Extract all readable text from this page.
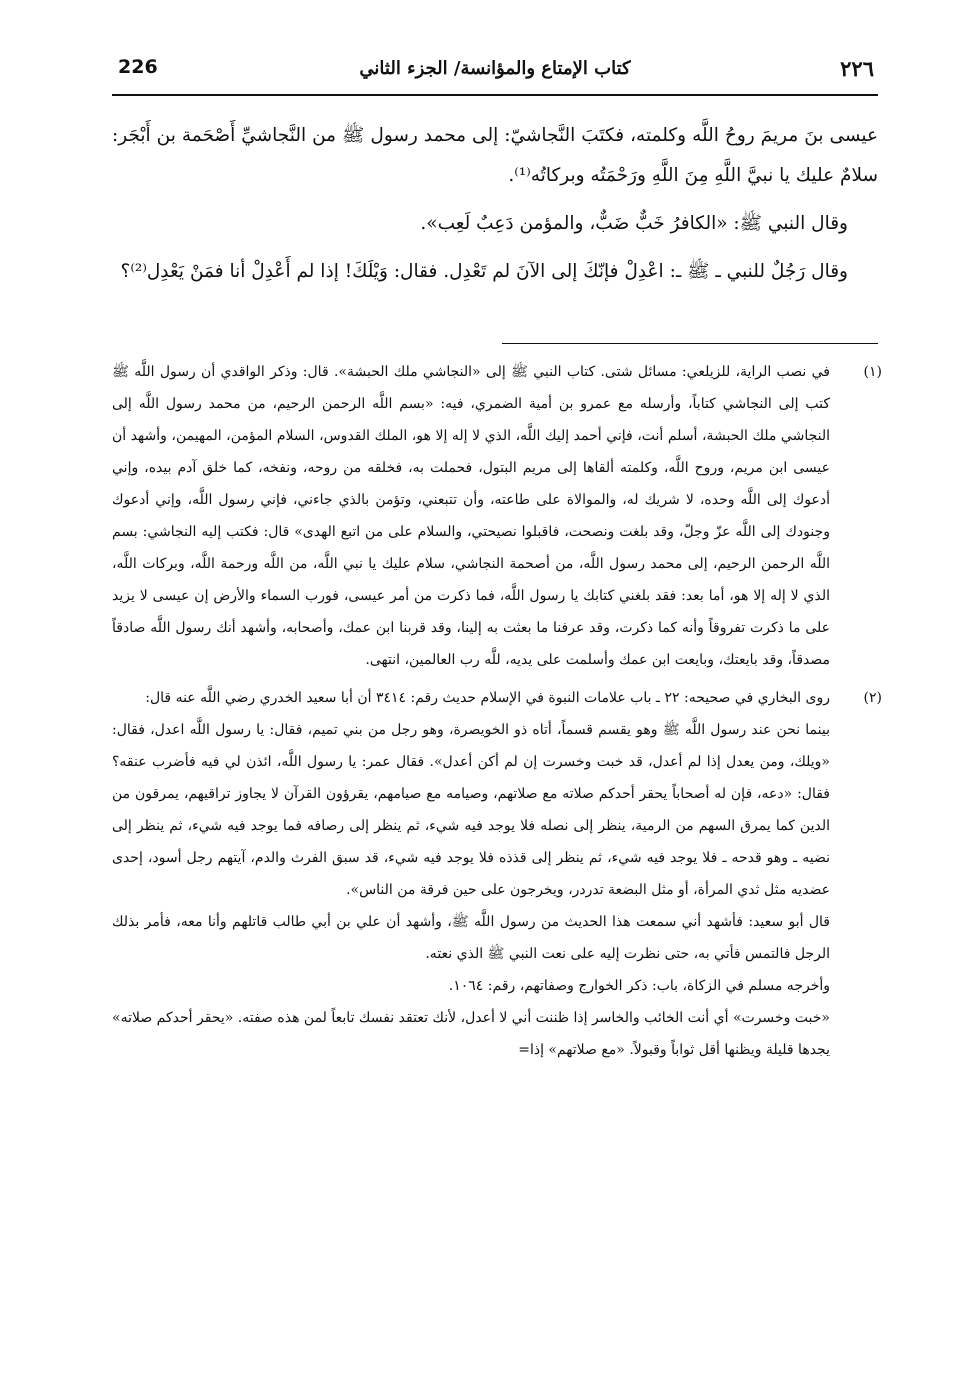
226	كتاب الإمتاع والمؤانسة/ الجزء الثاني	٢٢٦

عيسى بنَ مريمَ روحُ اللَّه وكلمته، فكتَبَ النَّجاشيّ: إلى محمد رسول ﷺ من النَّجاشيِّ أَصْحَمة بن أَبْجَر: سلامٌ عليك يا نبيَّ اللَّهِ مِنَ اللَّهِ ورَحْمَتُه وبركاتُه⁽¹⁾.

وقال النبي ﷺ: «الكافرُ خَبٌّ ضَبٌّ، والمؤمن دَعِبٌ لَعِب».

وقال رَجُلٌ للنبي ـ ﷺ ـ: اعْدِلْ فإنّكَ إلى الآنَ لم تَعْدِل. فقال: وَيْلَكَ! إذا لم أَعْدِلْ أنا فمَنْ يَعْدِل⁽²⁾؟

(١)

في نصب الراية، للزيلعي: مسائل شتى. كتاب النبي ﷺ إلى «النجاشي ملك الحبشة». قال: وذكر الواقدي أن رسول اللَّه ﷺ كتب إلى النجاشي كتاباً، وأرسله مع عمرو بن أمية الضمري، فيه: «بسم اللَّه الرحمن الرحيم، من محمد رسول اللَّه إلى النجاشي ملك الحبشة، أسلم أنت، فإني أحمد إليك اللَّه، الذي لا إله إلا هو، الملك القدوس، السلام المؤمن، المهيمن، وأشهد أن عيسى ابن مريم، وروح اللَّه، وكلمته ألقاها إلى مريم البتول، فحملت به، فخلقه من روحه، ونفخه، كما خلق آدم بيده، وإني أدعوك إلى اللَّه وحده، لا شريك له، والموالاة على طاعته، وأن تتبعني، وتؤمن بالذي جاءني، فإني رسول اللَّه، وإني أدعوك وجنودك إلى اللَّه عزّ وجلّ، وقد بلغت ونصحت، فاقبلوا نصيحتي، والسلام على من اتبع الهدى» قال: فكتب إليه النجاشي: بسم اللَّه الرحمن الرحيم، إلى محمد رسول اللَّه، من أصحمة النجاشي، سلام عليك يا نبي اللَّه، من اللَّه ورحمة اللَّه، وبركات اللَّه، الذي لا إله إلا هو، أما بعد: فقد بلغني كتابك يا رسول اللَّه، فما ذكرت من أمر عيسى، فورب السماء والأرض إن عيسى لا يزيد على ما ذكرت تفروقاً وأنه كما ذكرت، وقد عرفنا ما بعثت به إلينا، وقد قربنا ابن عمك، وأصحابه، وأشهد أنك رسول اللَّه صادقاً مصدقاً، وقد بايعتك، وبايعت ابن عمك وأسلمت على يديه، للَّه رب العالمين، انتهى.

(٢)

روى البخاري في صحيحه: ٢٢ ـ باب علامات النبوة في الإسلام حديث رقم: ٣٤١٤ أن أبا سعيد الخدري رضي اللَّه عنه قال:

بينما نحن عند رسول اللَّه ﷺ وهو يقسم قسماً، أتاه ذو الخويصرة، وهو رجل من بني تميم، فقال: يا رسول اللَّه اعدل، فقال: «ويلك، ومن يعدل إذا لم أعدل، قد خبت وخسرت إن لم أكن أعدل». فقال عمر: يا رسول اللَّه، ائذن لي فيه فأضرب عنقه؟ فقال: «دعه، فإن له أصحاباً يحقر أحدكم صلاته مع صلاتهم، وصيامه مع صيامهم، يقرؤون القرآن لا يجاوز تراقيهم، يمرقون من الدين كما يمرق السهم من الرمية، ينظر إلى نصله فلا يوجد فيه شيء، ثم ينظر إلى رصافه فما يوجد فيه شيء، ثم ينظر إلى نضيه ـ وهو قدحه ـ فلا يوجد فيه شيء، ثم ينظر إلى قذذه فلا يوجد فيه شيء، قد سبق الفرث والدم، آيتهم رجل أسود، إحدى عضديه مثل ثدي المرأة، أو مثل البضعة تدردر، ويخرجون على حين فرقة من الناس».

قال أبو سعيد: فأشهد أني سمعت هذا الحديث من رسول اللَّه ﷺ، وأشهد أن علي بن أبي طالب قاتلهم وأنا معه، فأمر بذلك الرجل فالتمس فأتي به، حتى نظرت إليه على نعت النبي ﷺ الذي نعته.

وأخرجه مسلم في الزكاة، باب: ذكر الخوارج وصفاتهم، رقم: ١٠٦٤.

«خبت وخسرت» أي أنت الخائب والخاسر إذا ظننت أني لا أعدل، لأنك تعتقد نفسك تابعاً لمن هذه صفته. «يحقر أحدكم صلاته» يجدها قليلة ويظنها أقل ثواباً وقبولاً. «مع صلاتهم» إذا=
